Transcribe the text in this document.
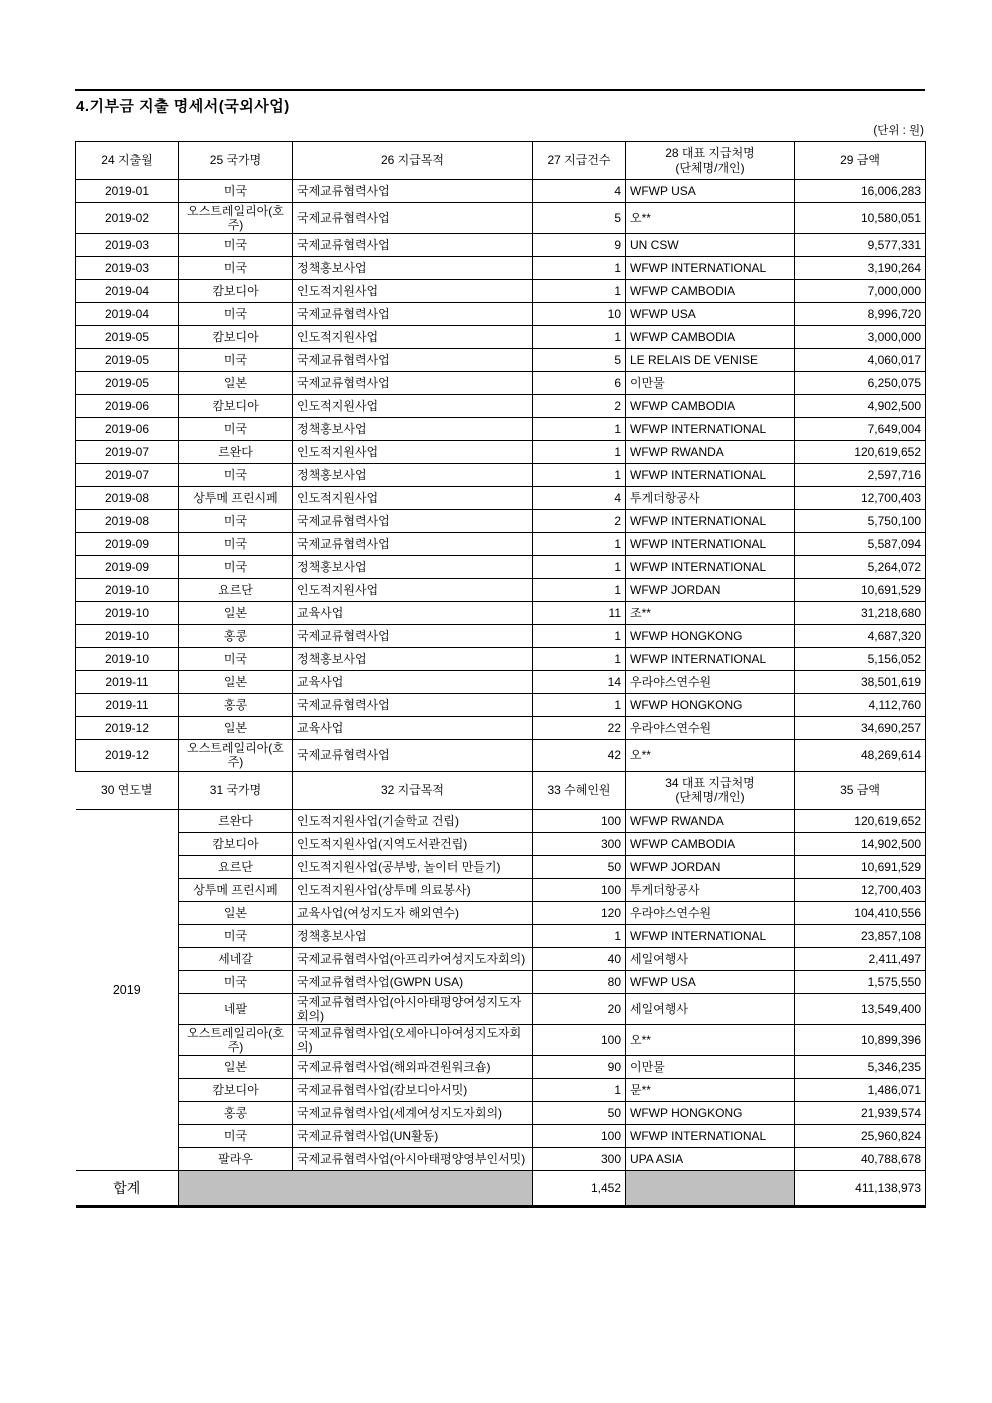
4.기부금 지출 명세서(국외사업)
(단위 : 원)
24 지출월	25 국가명	26 지급목적	27 지급건수	28 대표 지급처명
(단체명/개인)	29 금액
2019-01	미국	국제교류협력사업	4	WFWP USA	16,006,283
2019-02	오스트레일리아(호주)	국제교류협력사업	5	오**	10,580,051
2019-03	미국	국제교류협력사업	9	UN CSW	9,577,331
2019-03	미국	정책홍보사업	1	WFWP INTERNATIONAL	3,190,264
2019-04	캄보디아	인도적지원사업	1	WFWP CAMBODIA	7,000,000
2019-04	미국	국제교류협력사업	10	WFWP USA	8,996,720
2019-05	캄보디아	인도적지원사업	1	WFWP CAMBODIA	3,000,000
2019-05	미국	국제교류협력사업	5	LE RELAIS DE VENISE	4,060,017
2019-05	일본	국제교류협력사업	6	이만물	6,250,075
2019-06	캄보디아	인도적지원사업	2	WFWP CAMBODIA	4,902,500
2019-06	미국	정책홍보사업	1	WFWP INTERNATIONAL	7,649,004
2019-07	르완다	인도적지원사업	1	WFWP RWANDA	120,619,652
2019-07	미국	정책홍보사업	1	WFWP INTERNATIONAL	2,597,716
2019-08	상투메 프린시페	인도적지원사업	4	투게더항공사	12,700,403
2019-08	미국	국제교류협력사업	2	WFWP INTERNATIONAL	5,750,100
2019-09	미국	국제교류협력사업	1	WFWP INTERNATIONAL	5,587,094
2019-09	미국	정책홍보사업	1	WFWP INTERNATIONAL	5,264,072
2019-10	요르단	인도적지원사업	1	WFWP JORDAN	10,691,529
2019-10	일본	교육사업	11	조**	31,218,680
2019-10	홍콩	국제교류협력사업	1	WFWP HONGKONG	4,687,320
2019-10	미국	정책홍보사업	1	WFWP INTERNATIONAL	5,156,052
2019-11	일본	교육사업	14	우라야스연수원	38,501,619
2019-11	홍콩	국제교류협력사업	1	WFWP HONGKONG	4,112,760
2019-12	일본	교육사업	22	우라야스연수원	34,690,257
2019-12	오스트레일리아(호주)	국제교류협력사업	42	오**	48,269,614
30 연도별	31 국가명	32 지급목적	33 수혜인원	34 대표 지급처명
(단체명/개인)	35 금액
2019	르완다	인도적지원사업(기술학교 건립)	100	WFWP RWANDA	120,619,652
	캄보디아	인도적지원사업(지역도서관건립)	300	WFWP CAMBODIA	14,902,500
	요르단	인도적지원사업(공부방, 놀이터 만들기)	50	WFWP JORDAN	10,691,529
	상투메 프린시페	인도적지원사업(상투메 의료봉사)	100	투게더항공사	12,700,403
	일본	교육사업(여성지도자 해외연수)	120	우라야스연수원	104,410,556
	미국	정책홍보사업	1	WFWP INTERNATIONAL	23,857,108
	세네갈	국제교류협력사업(아프리카여성지도자회의)	40	세일여행사	2,411,497
	미국	국제교류협력사업(GWPN USA)	80	WFWP USA	1,575,550
	네팔	국제교류협력사업(아시아태평양여성지도자회의)	20	세일여행사	13,549,400
	오스트레일리아(호주)	국제교류협력사업(오세아니아여성지도자회의)	100	오**	10,899,396
	일본	국제교류협력사업(해외파견원워크숍)	90	이만물	5,346,235
	캄보디아	국제교류협력사업(캄보디아서밋)	1	문**	1,486,071
	홍콩	국제교류협력사업(세계여성지도자회의)	50	WFWP HONGKONG	21,939,574
	미국	국제교류협력사업(UN활동)	100	WFWP INTERNATIONAL	25,960,824
	팔라우	국제교류협력사업(아시아태평양영부인서밋)	300	UPA ASIA	40,788,678
합계			1,452		411,138,973
